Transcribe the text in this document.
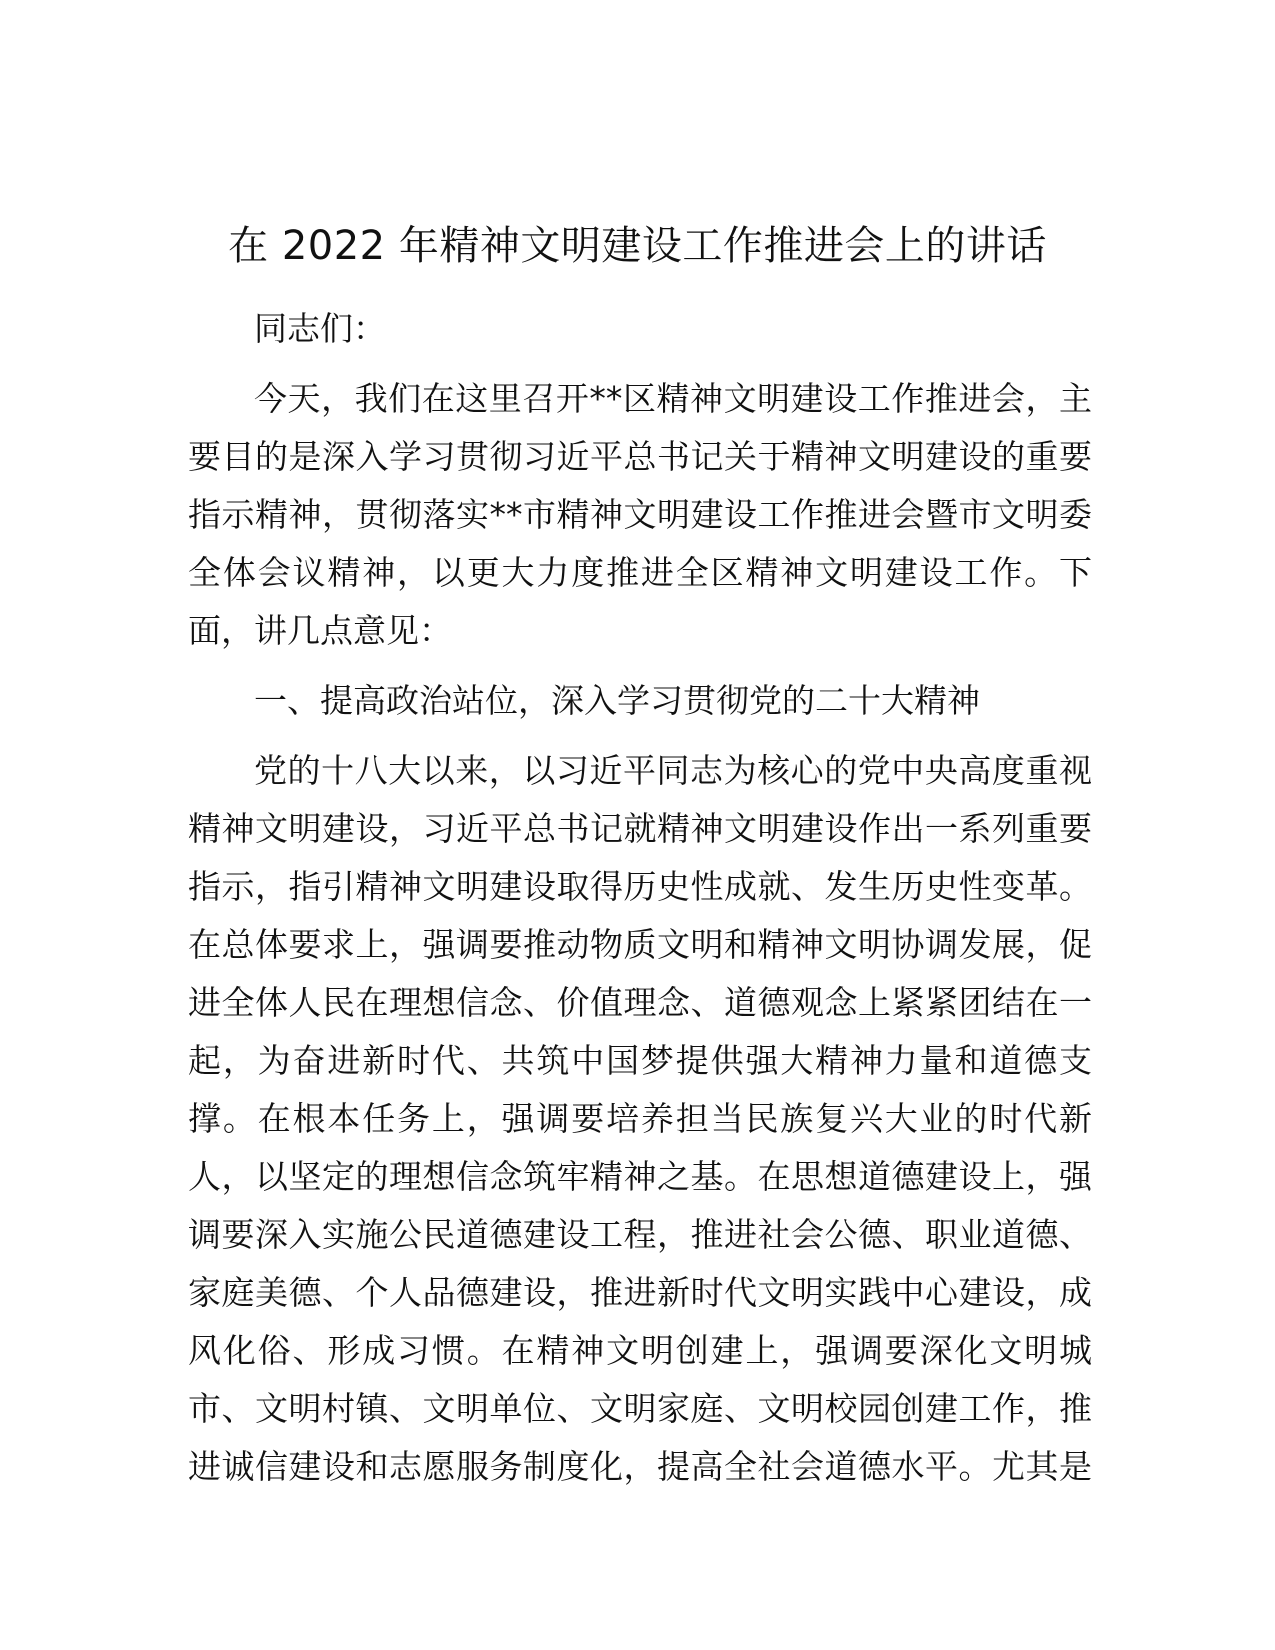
在 2022 年精神文明建设工作推进会上的讲话
同志们：
今天，我们在这里召开**区精神文明建设工作推进会，主
要目的是深入学习贯彻习近平总书记关于精神文明建设的重要
指示精神，贯彻落实**市精神文明建设工作推进会暨市文明委
全体会议精神，以更大力度推进全区精神文明建设工作。下
面，讲几点意见：
一、提高政治站位，深入学习贯彻党的二十大精神
党的十八大以来，以习近平同志为核心的党中央高度重视
精神文明建设，习近平总书记就精神文明建设作出一系列重要
指示，指引精神文明建设取得历史性成就、发生历史性变革。
在总体要求上，强调要推动物质文明和精神文明协调发展，促
进全体人民在理想信念、价值理念、道德观念上紧紧团结在一
起，为奋进新时代、共筑中国梦提供强大精神力量和道德支
撑。在根本任务上，强调要培养担当民族复兴大业的时代新
人，以坚定的理想信念筑牢精神之基。在思想道德建设上，强
调要深入实施公民道德建设工程，推进社会公德、职业道德、
家庭美德、个人品德建设，推进新时代文明实践中心建设，成
风化俗、形成习惯。在精神文明创建上，强调要深化文明城
市、文明村镇、文明单位、文明家庭、文明校园创建工作，推
进诚信建设和志愿服务制度化，提高全社会道德水平。尤其是
